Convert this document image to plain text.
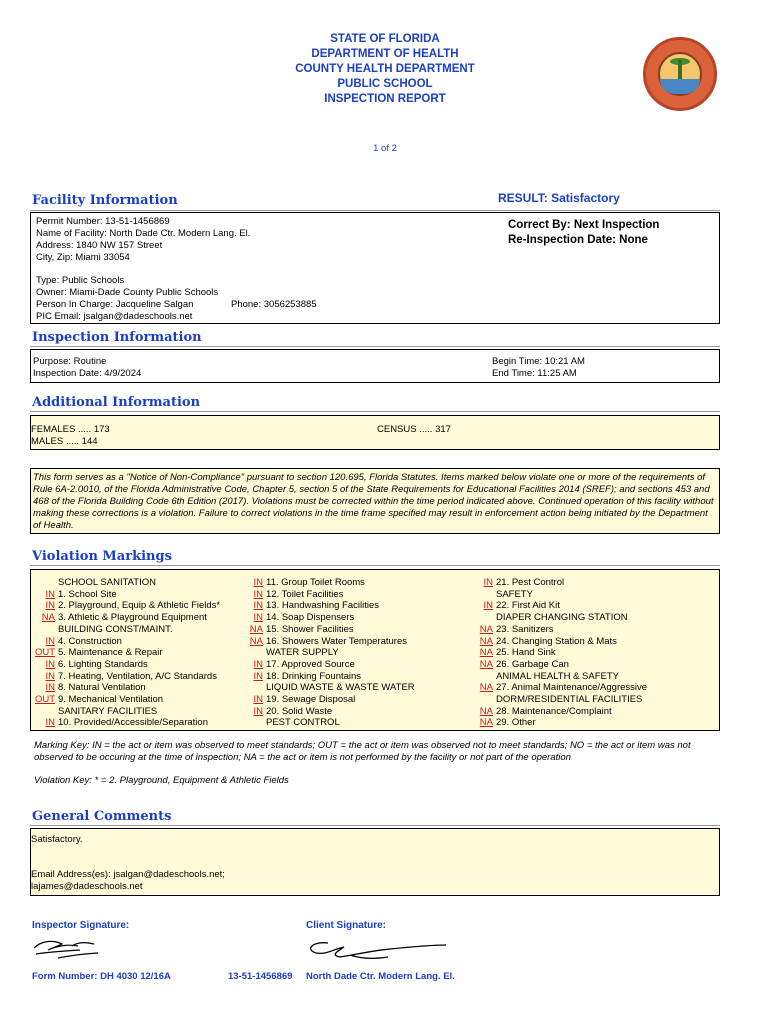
STATE OF FLORIDA
DEPARTMENT OF HEALTH
COUNTY HEALTH DEPARTMENT
PUBLIC SCHOOL
INSPECTION REPORT
1 of 2
Facility Information	RESULT: Satisfactory
Permit Number: 13-51-1456869
Name of Facility: North Dade Ctr. Modern Lang. El.
Address: 1840 NW 157 Street
City, Zip: Miami 33054
Correct By: Next Inspection
Re-Inspection Date: None
Type: Public Schools
Owner: Miami-Dade County Public Schools
Person In Charge: Jacqueline Salgan	Phone: 3056253885
PIC Email: jsalgan@dadeschools.net
Inspection Information
Purpose: Routine
Inspection Date: 4/9/2024
Begin Time: 10:21 AM
End Time: 11:25 AM
Additional Information
FEMALES ..... 173
MALES ..... 144
CENSUS ..... 317
This form serves as a "Notice of Non-Compliance" pursuant to section 120.695, Florida Statutes. Items marked below violate one or more of the requirements of Rule 6A-2.0010, of the Florida Administrative Code, Chapter 5, section 5 of the State Requirements for Educational Facilities 2014 (SREF); and sections 453 and 468 of the Florida Building Code 6th Edition (2017). Violations must be corrected within the time period indicated above. Continued operation of this facility without making these corrections is a violation. Failure to correct violations in the time frame specified may result in enforcement action being initiated by the Department of Health.
Violation Markings
SCHOOL SANITATION
IN 1. School Site
IN 2. Playground, Equip & Athletic Fields*
NA 3. Athletic & Playground Equipment
BUILDING CONST/MAINT.
IN 4. Construction
OUT 5. Maintenance & Repair
IN 6. Lighting Standards
IN 7. Heating, Ventilation, A/C Standards
IN 8. Natural Ventilation
OUT 9. Mechanical Ventilation
SANITARY FACILITIES
IN 10. Provided/Accessible/Separation
IN 11. Group Toilet Rooms
IN 12. Toilet Facilities
IN 13. Handwashing Facilities
IN 14. Soap Dispensers
NA 15. Shower Facilities
NA 16. Showers Water Temperatures
WATER SUPPLY
IN 17. Approved Source
IN 18. Drinking Fountains
LIQUID WASTE & WASTE WATER
IN 19. Sewage Disposal
IN 20. Solid Waste
PEST CONTROL
IN 21. Pest Control
SAFETY
IN 22. First Aid Kit
DIAPER CHANGING STATION
NA 23. Sanitizers
NA 24. Changing Station & Mats
NA 25. Hand Sink
NA 26. Garbage Can
ANIMAL HEALTH & SAFETY
NA 27. Animal Maintenance/Aggressive
DORM/RESIDENTIAL FACILITIES
NA 28. Maintenance/Complaint
NA 29. Other
Marking Key: IN = the act or item was observed to meet standards; OUT = the act or item was observed not to meet standards; NO = the act or item was not observed to be occuring at the time of inspection; NA = the act or item is not performed by the facility or not part of the operation
Violation Key: * = 2. Playground, Equipment & Athletic Fields
General Comments
Satisfactory.
Email Address(es): jsalgan@dadeschools.net;
lajames@dadeschools.net
Inspector Signature:	Client Signature:
Form Number: DH 4030 12/16A	13-51-1456869 North Dade Ctr. Modern Lang. El.
